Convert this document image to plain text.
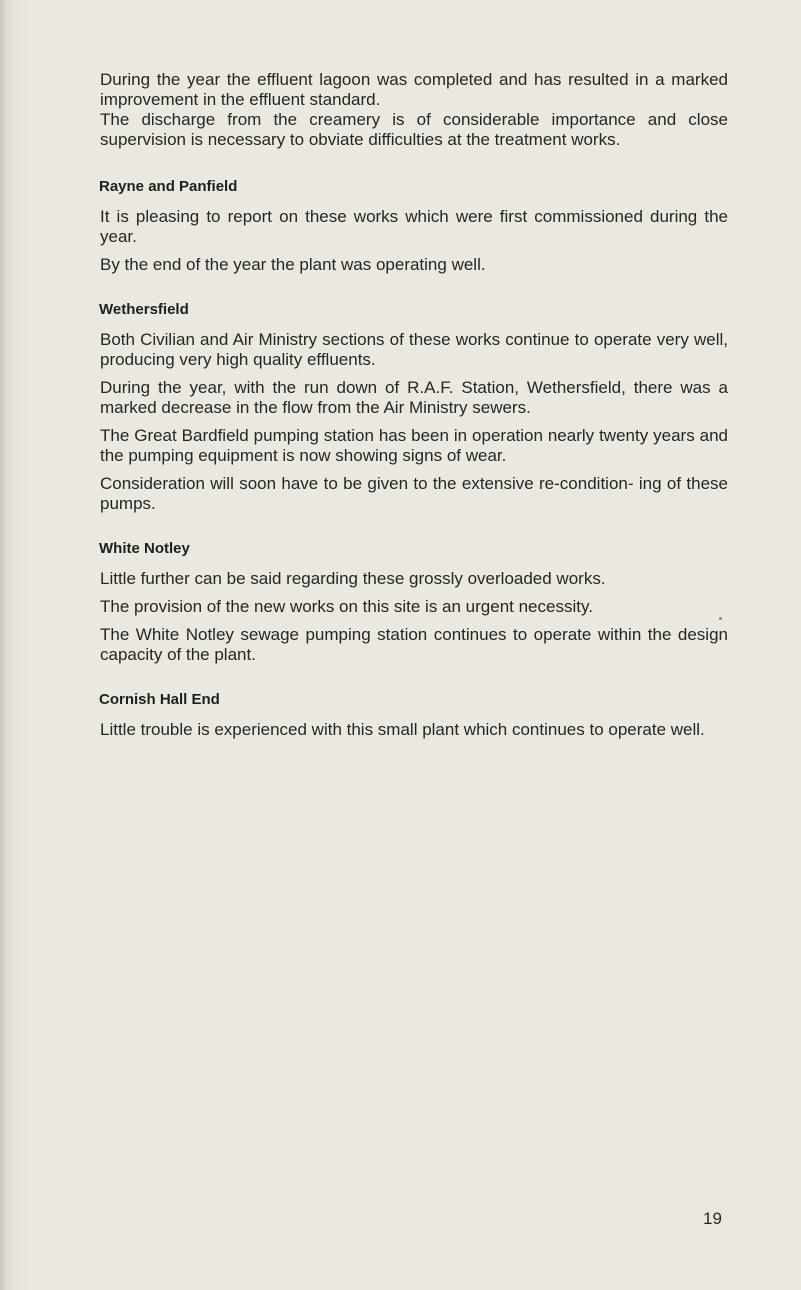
During the year the effluent lagoon was completed and has resulted in a marked improvement in the effluent standard.

The discharge from the creamery is of considerable importance and close supervision is necessary to obviate difficulties at the treatment works.

Rayne and Panfield

It is pleasing to report on these works which were first commissioned during the year.

By the end of the year the plant was operating well.

Wethersfield

Both Civilian and Air Ministry sections of these works continue to operate very well, producing very high quality effluents.

During the year, with the run down of R.A.F. Station, Wethersfield, there was a marked decrease in the flow from the Air Ministry sewers.

The Great Bardfield pumping station has been in operation nearly twenty years and the pumping equipment is now showing signs of wear.

Consideration will soon have to be given to the extensive re-condition- ing of these pumps.

White Notley

Little further can be said regarding these grossly overloaded works.

The provision of the new works on this site is an urgent necessity.

The White Notley sewage pumping station continues to operate within the design capacity of the plant.

Cornish Hall End

Little trouble is experienced with this small plant which continues to operate well.

19
